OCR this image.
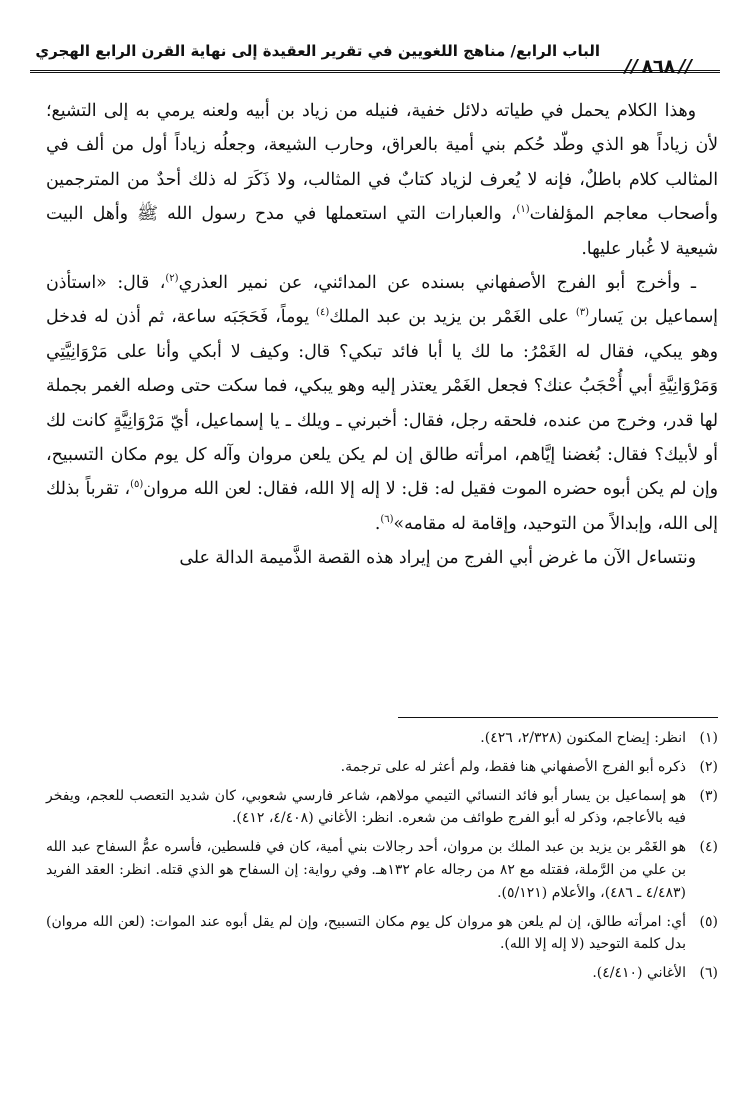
الباب الرابع/ مناهج اللغويين في تقرير العقيدة إلى نهاية القرن الرابع الهجري
// ٨٦٨ //

وهذا الكلام يحمل في طياته دلائل خفية، فنيله من زياد بن أبيه ولعنه يرمي به إلى التشيع؛ لأن زياداً هو الذي وطّد حُكم بني أمية بالعراق، وحارب الشيعة، وجعلُه زياداً أول من ألف في المثالب كلام باطلٌ، فإنه لا يُعرف لزياد كتابٌ في المثالب، ولا ذَكَرَ له ذلك أحدٌ من المترجمين وأصحاب معاجم المؤلفات$^{(١)}$، والعبارات التي استعملها في مدح رسول الله ﷺ وأهل البيت شيعية لا غُبار عليها.

ـ وأخرج أبو الفرج الأصفهاني بسنده عن المدائني، عن نمير العذري$^{(٢)}$، قال: «استأذن إسماعيل بن يَسار$^{(٣)}$ على الغَمْر بن يزيد بن عبد الملك$^{(٤)}$ يوماً، فَحَجَبَه ساعة، ثم أذن له فدخل وهو يبكي، فقال له الغَمْرُ: ما لك يا أبا فائد تبكي؟ قال: وكيف لا أبكي وأنا على مَرْوَانِيَّتِي وَمَرْوَانِيَّةِ أبي أُحْجَبُ عنك؟ فجعل الغَمْر يعتذر إليه وهو يبكي، فما سكت حتى وصله الغمر بجملة لها قدر، وخرج من عنده، فلحقه رجل، فقال: أخبرني ـ ويلك ـ يا إسماعيل، أيّ مَرْوَانِيَّةٍ كانت لك أو لأبيك؟ فقال: بُغضنا إيَّاهم، امرأته طالق إن لم يكن يلعن مروان وآله كل يوم مكان التسبيح، وإن لم يكن أبوه حضره الموت فقيل له: قل: لا إله إلا الله، فقال: لعن الله مروان$^{(٥)}$، تقرباً بذلك إلى الله، وإبدالاً من التوحيد، وإقامة له مقامه»$^{(٦)}$.

ونتساءل الآن ما غرض أبي الفرج من إيراد هذه القصة الذَّميمة الدالة على

(١)
انظر: إيضاح المكنون (٢/٣٢٨، ٤٢٦).
(٢)
ذكره أبو الفرج الأصفهاني هنا فقط، ولم أعثر له على ترجمة.
(٣)
هو إسماعيل بن يسار أبو فائد النسائي التيمي مولاهم، شاعر فارسي شعوبي، كان شديد التعصب للعجم، ويفخر فيه بالأعاجم، وذكر له أبو الفرج طوائف من شعره. انظر: الأغاني (٤/٤٠٨، ٤١٢).
(٤)
هو الغَمْر بن يزيد بن عبد الملك بن مروان، أحد رجالات بني أمية، كان في فلسطين، فأسره عمُّ السفاح عبد الله بن علي من الرَّملة، فقتله مع ٨٢ من رجاله عام ١٣٢هـ. وفي رواية: إن السفاح هو الذي قتله. انظر: العقد الفريد (٤/٤٨٣ ـ ٤٨٦)، والأعلام (٥/١٢١).
(٥)
أي: امرأته طالق، إن لم يلعن هو مروان كل يوم مكان التسبيح، وإن لم يقل أبوه عند الموات: (لعن الله مروان) بدل كلمة التوحيد (لا إله إلا الله).
(٦)
الأغاني (٤/٤١٠).
